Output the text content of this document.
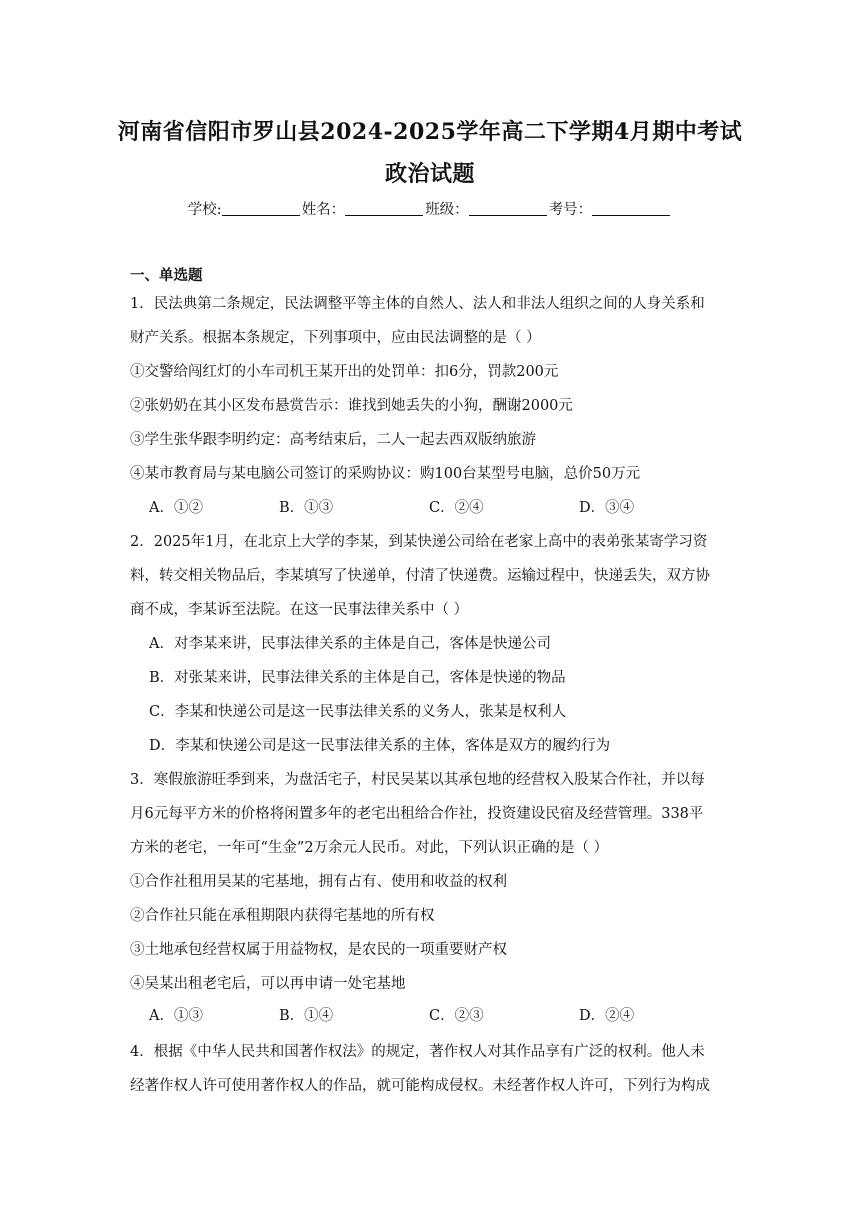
河南省信阳市罗山县2024-2025学年高二下学期4月期中考试
政治试题
学校:	姓名：	班级：	考号：
一、单选题
1．民法典第二条规定，民法调整平等主体的自然人、法人和非法人组织之间的人身关系和
财产关系。根据本条规定，下列事项中，应由民法调整的是（ ）
①交警给闯红灯的小车司机王某开出的处罚单：扣6分，罚款200元
②张奶奶在其小区发布悬赏告示：谁找到她丢失的小狗，酬谢2000元
③学生张华跟李明约定：高考结束后，二人一起去西双版纳旅游
④某市教育局与某电脑公司签订的采购协议：购100台某型号电脑，总价50万元
A．①②	B．①③	C．②④	D．③④
2．2025年1月，在北京上大学的李某，到某快递公司给在老家上高中的表弟张某寄学习资
料，转交相关物品后，李某填写了快递单，付清了快递费。运输过程中，快递丢失，双方协
商不成，李某诉至法院。在这一民事法律关系中（ ）
A．对李某来讲，民事法律关系的主体是自己，客体是快递公司
B．对张某来讲，民事法律关系的主体是自己，客体是快递的物品
C．李某和快递公司是这一民事法律关系的义务人，张某是权利人
D．李某和快递公司是这一民事法律关系的主体，客体是双方的履约行为
3．寒假旅游旺季到来，为盘活宅子，村民吴某以其承包地的经营权入股某合作社，并以每
月6元每平方米的价格将闲置多年的老宅出租给合作社，投资建设民宿及经营管理。338平
方米的老宅，一年可“生金”2万余元人民币。对此，下列认识正确的是（ ）
①合作社租用吴某的宅基地，拥有占有、使用和收益的权利
②合作社只能在承租期限内获得宅基地的所有权
③土地承包经营权属于用益物权，是农民的一项重要财产权
④吴某出租老宅后，可以再申请一处宅基地
A．①③	B．①④	C．②③	D．②④
4．根据《中华人民共和国著作权法》的规定，著作权人对其作品享有广泛的权利。他人未
经著作权人许可使用著作权人的作品，就可能构成侵权。未经著作权人许可，下列行为构成
